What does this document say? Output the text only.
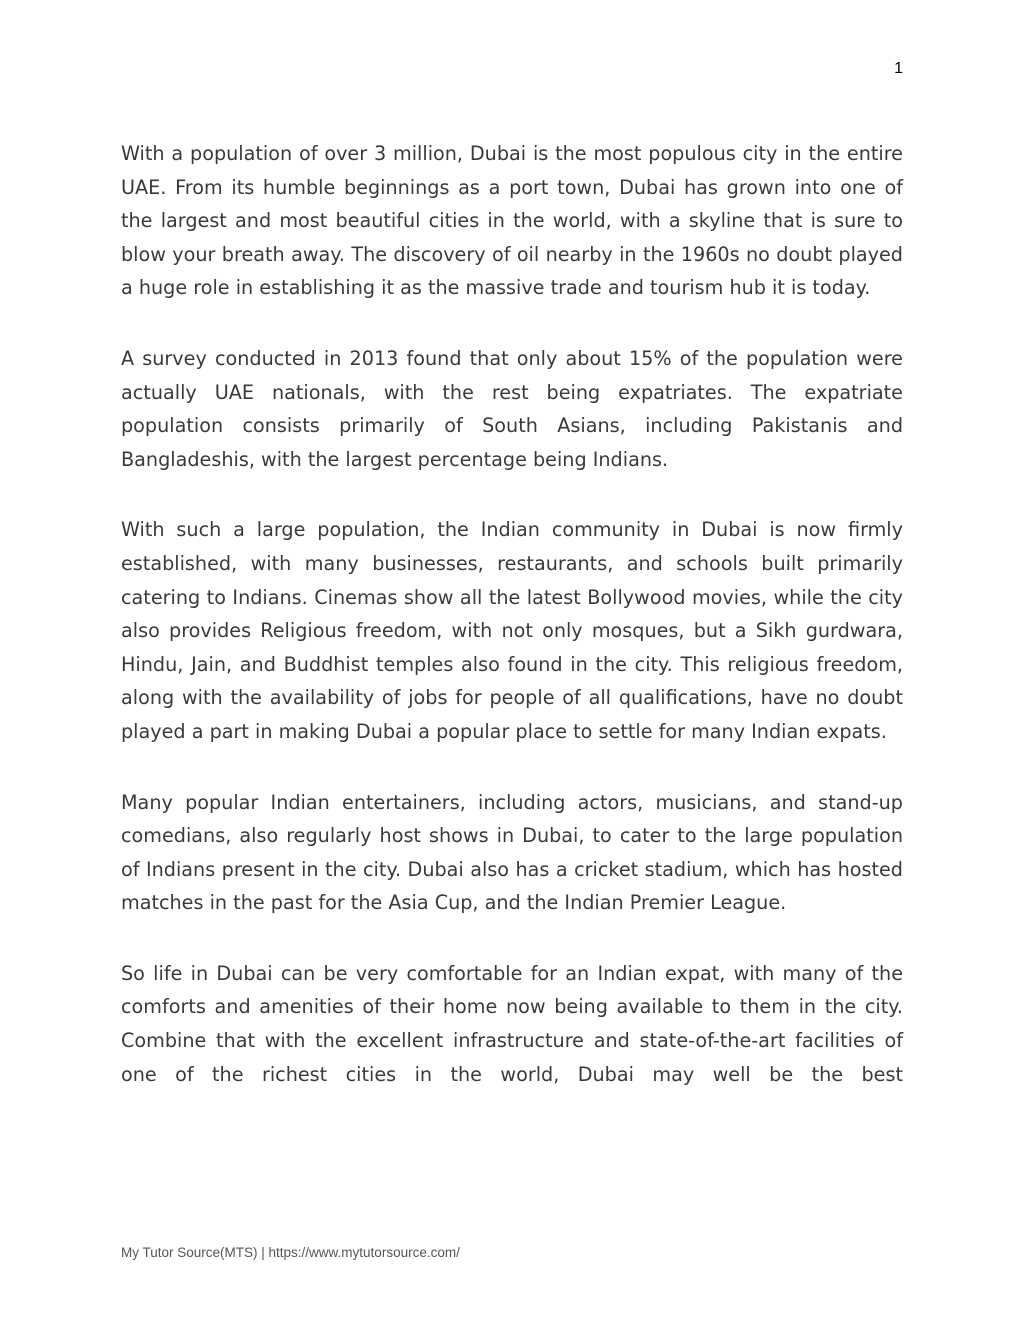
1

With a population of over 3 million, Dubai is the most populous city in the entire UAE. From its humble beginnings as a port town, Dubai has grown into one of the largest and most beautiful cities in the world, with a skyline that is sure to blow your breath away. The discovery of oil nearby in the 1960s no doubt played a huge role in establishing it as the massive trade and tourism hub it is today.

A survey conducted in 2013 found that only about 15% of the population were actually UAE nationals, with the rest being expatriates. The expatriate population consists primarily of South Asians, including Pakistanis and Bangladeshis, with the largest percentage being Indians.

With such a large population, the Indian community in Dubai is now firmly established, with many businesses, restaurants, and schools built primarily catering to Indians. Cinemas show all the latest Bollywood movies, while the city also provides Religious freedom, with not only mosques, but a Sikh gurdwara, Hindu, Jain, and Buddhist temples also found in the city. This religious freedom, along with the availability of jobs for people of all qualifications, have no doubt played a part in making Dubai a popular place to settle for many Indian expats.

Many popular Indian entertainers, including actors, musicians, and stand-up comedians, also regularly host shows in Dubai, to cater to the large population of Indians present in the city. Dubai also has a cricket stadium, which has hosted matches in the past for the Asia Cup, and the Indian Premier League.

So life in Dubai can be very comfortable for an Indian expat, with many of the comforts and amenities of their home now being available to them in the city. Combine that with the excellent infrastructure and state-of-the-art facilities of one of the richest cities in the world, Dubai may well be the best

My Tutor Source(MTS) | https://www.mytutorsource.com/
